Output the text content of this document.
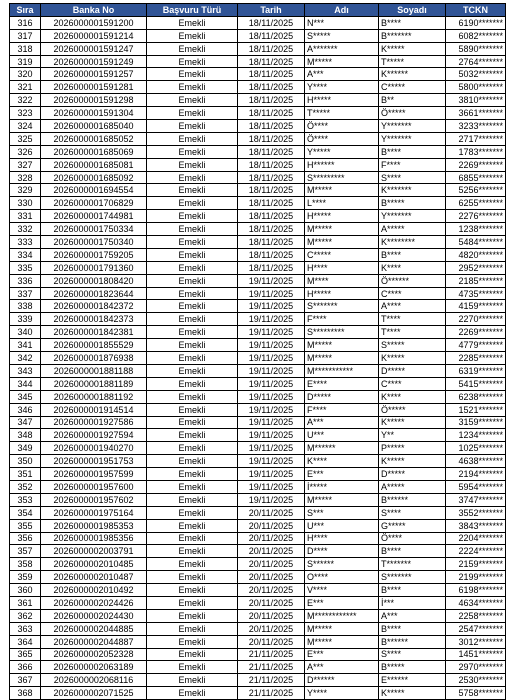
Sıra	Banka No	Başvuru Türü	Tarih	Adı	Soyadı	TCKN
316	2026000001591200	Emekli	18/11/2025	N***	B****	6190*******
317	2026000001591214	Emekli	18/11/2025	S*****	B*******	6082*******
318	2026000001591247	Emekli	18/11/2025	A*******	K*****	5890*******
319	2026000001591249	Emekli	18/11/2025	M*****	T*****	2764*******
320	2026000001591257	Emekli	18/11/2025	A***	K******	5032*******
321	2026000001591281	Emekli	18/11/2025	Y****	C*****	5800*******
322	2026000001591298	Emekli	18/11/2025	H*****	B**	3810*******
323	2026000001591304	Emekli	18/11/2025	T*****	Ö*****	3661*******
324	2026000001685040	Emekli	18/11/2025	Ö****	Y*******	3233*******
325	2026000001685052	Emekli	18/11/2025	Ö****	Y*******	2717*******
326	2026000001685069	Emekli	18/11/2025	Y*****	B****	1783*******
327	2026000001685081	Emekli	18/11/2025	H******	F****	2269*******
328	2026000001685092	Emekli	18/11/2025	S*********	S****	6855*******
329	2026000001694554	Emekli	18/11/2025	M*****	K*******	5256*******
330	2026000001706829	Emekli	18/11/2025	L****	B*****	6255*******
331	2026000001744981	Emekli	18/11/2025	H*****	Y*******	2276*******
332	2026000001750334	Emekli	18/11/2025	M*****	A*****	1238*******
333	2026000001750340	Emekli	18/11/2025	M*****	K********	5484*******
334	2026000001759205	Emekli	18/11/2025	C*****	B****	4820*******
335	2026000001791360	Emekli	18/11/2025	H****	K****	2952*******
336	2026000001808420	Emekli	19/11/2025	M****	Ö******	2185*******
337	2026000001823644	Emekli	19/11/2025	H*****	C****	4735*******
338	2026000001842372	Emekli	19/11/2025	S*******	A****	4159*******
339	2026000001842373	Emekli	19/11/2025	F****	T****	2270*******
340	2026000001842381	Emekli	19/11/2025	S*********	T****	2269*******
341	2026000001855529	Emekli	19/11/2025	M*****	S*****	4779*******
342	2026000001876938	Emekli	19/11/2025	M*****	K*****	2285*******
343	2026000001881188	Emekli	19/11/2025	M***********	D*****	6319*******
344	2026000001881189	Emekli	19/11/2025	E****	C****	5415*******
345	2026000001881192	Emekli	19/11/2025	D*****	K****	6238*******
346	2026000001914514	Emekli	19/11/2025	F****	Ö*****	1521*******
347	2026000001927586	Emekli	19/11/2025	A***	K*****	3159*******
348	2026000001927594	Emekli	19/11/2025	U***	Y**	1234*******
349	2026000001940270	Emekli	19/11/2025	M******	P*****	1025*******
350	2026000001951753	Emekli	19/11/2025	K****	K*****	4638*******
351	2026000001957599	Emekli	19/11/2025	E***	D*****	2194*******
352	2026000001957600	Emekli	19/11/2025	İ*****	A*****	5954*******
353	2026000001957602	Emekli	19/11/2025	M*****	B******	3747*******
354	2026000001975164	Emekli	20/11/2025	S***	S****	3552*******
355	2026000001985353	Emekli	20/11/2025	U***	G*****	3843*******
356	2026000001985356	Emekli	20/11/2025	H****	Ö****	2204*******
357	2026000002003791	Emekli	20/11/2025	D****	B****	2224*******
358	2026000002010485	Emekli	20/11/2025	S******	T*******	2159*******
359	2026000002010487	Emekli	20/11/2025	O****	S*******	2199*******
360	2026000002010492	Emekli	20/11/2025	V****	B****	6198*******
361	2026000002024426	Emekli	20/11/2025	E***	İ***	4634*******
362	2026000002024430	Emekli	20/11/2025	M************	A***	2258*******
363	2026000002044885	Emekli	20/11/2025	M*****	B****	2547*******
364	2026000002044887	Emekli	20/11/2025	M*****	B******	3012*******
365	2026000002052328	Emekli	21/11/2025	E***	S****	1451*******
366	2026000002063189	Emekli	21/11/2025	A***	B*****	2970*******
367	2026000002068116	Emekli	21/11/2025	D******	E******	2530*******
368	2026000002071525	Emekli	21/11/2025	Y****	K*****	5758*******
